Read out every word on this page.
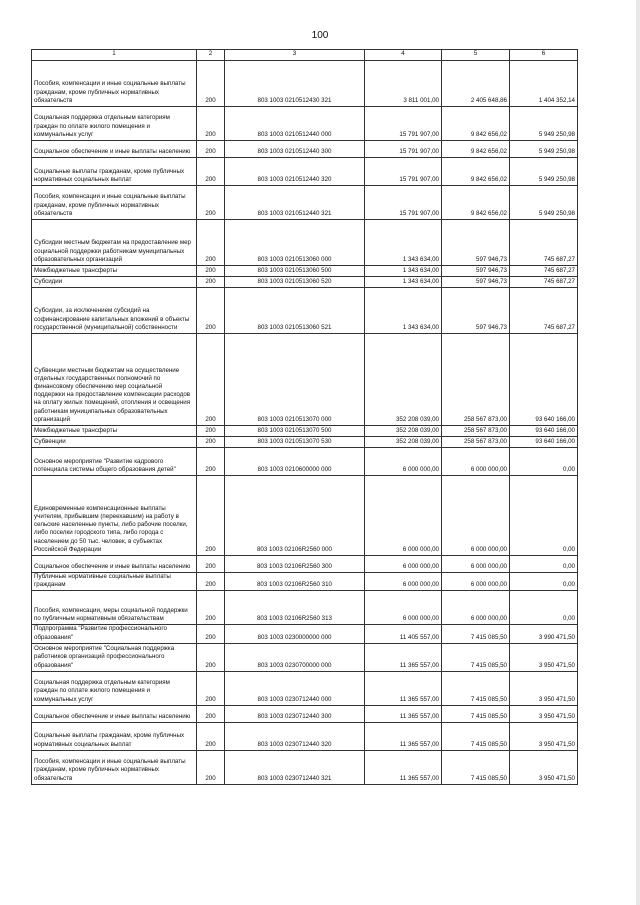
100
1	2	3	4	5	6
Пособия, компенсации и иные социальные выплаты гражданам, кроме публичных нормативных обязательств	200	803 1003 0210512430 321	3 811 001,00	2 405 648,86	1 404 352,14
Социальная поддержка отдельным категориям граждан по оплате жилого помещения и коммунальных услуг	200	803 1003 0210512440 000	15 791 907,00	9 842 656,02	5 949 250,98
Социальное обеспечение и иные выплаты населению	200	803 1003 0210512440 300	15 791 907,00	9 842 656,02	5 949 250,98
Социальные выплаты гражданам, кроме публичных нормативных социальных выплат	200	803 1003 0210512440 320	15 791 907,00	9 842 656,02	5 949 250,98
Пособия, компенсации и иные социальные выплаты гражданам, кроме публичных нормативных обязательств	200	803 1003 0210512440 321	15 791 907,00	9 842 656,02	5 949 250,98
Субсидии местным бюджетам на предоставление мер социальной поддержки работникам муниципальных образовательных организаций	200	803 1003 0210513060 000	1 343 634,00	597 946,73	745 687,27
Межбюджетные трансферты	200	803 1003 0210513060 500	1 343 634,00	597 946,73	745 687,27
Субсидии	200	803 1003 0210513060 520	1 343 634,00	597 946,73	745 687,27
Субсидии, за исключением субсидий на софинансирование капитальных вложений в объекты государственной (муниципальной) собственности	200	803 1003 0210513060 521	1 343 634,00	597 946,73	745 687,27
Субвенции местным бюджетам на осуществление отдельных государственных полномочий по финансовому обеспечению мер социальной поддержки на предоставление компенсации расходов на оплату жилых помещений, отопления и освещения работникам муниципальных образовательных организаций	200	803 1003 0210513070 000	352 208 039,00	258 567 873,00	93 640 166,00
Межбюджетные трансферты	200	803 1003 0210513070 500	352 208 039,00	258 567 873,00	93 640 166,00
Субвенции	200	803 1003 0210513070 530	352 208 039,00	258 567 873,00	93 640 166,00
Основное мероприятие "Развитие кадрового потенциала системы общего образования детей"	200	803 1003 0210600000 000	6 000 000,00	6 000 000,00	0,00
Единовременные компенсационные выплаты учителям, прибывшим (переехавшим) на работу в сельские населенные пункты, либо рабочие поселки, либо поселки городского типа, либо города с населением до 50 тыс. человек, в субъектах Российской Федерации	200	803 1003 02106R2560 000	6 000 000,00	6 000 000,00	0,00
Социальное обеспечение и иные выплаты населению	200	803 1003 02106R2560 300	6 000 000,00	6 000 000,00	0,00
Публичные нормативные социальные выплаты гражданам	200	803 1003 02106R2560 310	6 000 000,00	6 000 000,00	0,00
Пособия, компенсации, меры социальной поддержки по публичным нормативным обязательствам	200	803 1003 02106R2560 313	6 000 000,00	6 000 000,00	0,00
Подпрограмма "Развитие профессионального образования"	200	803 1003 0230000000 000	11 405 557,00	7 415 085,50	3 990 471,50
Основное мероприятие "Социальная поддержка работников организаций профессионального образования"	200	803 1003 0230700000 000	11 365 557,00	7 415 085,50	3 950 471,50
Социальная поддержка отдельным категориям граждан по оплате жилого помещения и коммунальных услуг	200	803 1003 0230712440 000	11 365 557,00	7 415 085,50	3 950 471,50
Социальное обеспечение и иные выплаты населению	200	803 1003 0230712440 300	11 365 557,00	7 415 085,50	3 950 471,50
Социальные выплаты гражданам, кроме публичных нормативных социальных выплат	200	803 1003 0230712440 320	11 365 557,00	7 415 085,50	3 950 471,50
Пособия, компенсации и иные социальные выплаты гражданам, кроме публичных нормативных обязательств	200	803 1003 0230712440 321	11 365 557,00	7 415 085,50	3 950 471,50
